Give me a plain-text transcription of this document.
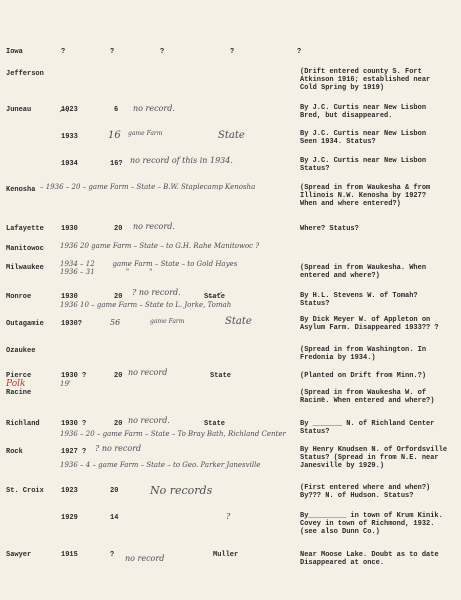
Iowa	?	?	?	?	?
Jefferson	(Drift entered county S. Fort
Atkinson 1916; established near
Cold Spring by 1919)
Juneau	1923	6 no record.	By J.C. Curtis near New Lisbon
Bred, but disappeared.
1933	16 game Farm	State	By J.C. Curtis near New Lisbon
Seen 1934. Status?
1934	16? no record of this in 1934.	By J.C. Curtis near New Lisbon
Status?
Kenosha – 1936 – 20 – game Farm – State – B.W. Staplecamp Kenosha	(Spread in from Waukesha & from
Illinois N.W. Kenosha by 1927?
When and where entered?)
Lafayette 1930	20 no record.	Where? Status?
Manitowoc 1936 20 game Farm – State – to G.H. Rahe Manitowoc ?
Milwaukee 1934 – 12        game Farm – State – to Gold Hayes
1936 – 31              "         "	(Spread in from Waukesha. When
entered and where?)
Monroe	1930	20 ? no record.	State	By H.L. Stevens W. of Tomah?
Status?
1936 10 – game Farm – State to L. Jorke, Tomah
Outagamie 1930?	56	game Farm	State	By Dick Meyer W. of Appleton on
Asylum Farm. Disappeared 1933?? ?
Ozaukee	(Spread in from Washington. In
Fredonia by 1934.)
Pierce	1930 ?	20 no record	State	(Planted on Drift from Minn.?)
19'
Polk
Racine	(Spread in from Waukesha W. of
Racine. When entered and where?)
Richland	1930 ?	20 no record.	State	By _______ N. of Richland Center
Status?
1936 – 20 – game Farm – State – To Bray Bath, Richland Center
Rock	1927 ? ? no record	By Henry Knudsen N. of Orfordsville
Status? (Spread in from N.E. near
Janesville by 1929.)
1936 – 4 – game Farm – State – to Geo. Parker Janesville
St. Croix 1923	20	No records	(First entered where and when?)
By??? N. of Hudson. Status?
1929	14	?	By_________ in town of Krum Kinik.
Covey in town of Richmond, 1932.
(see also Dunn Co.)
Sawyer	1915	? no record	Muller	Near Moose Lake. Doubt as to date
Disappeared at once.
